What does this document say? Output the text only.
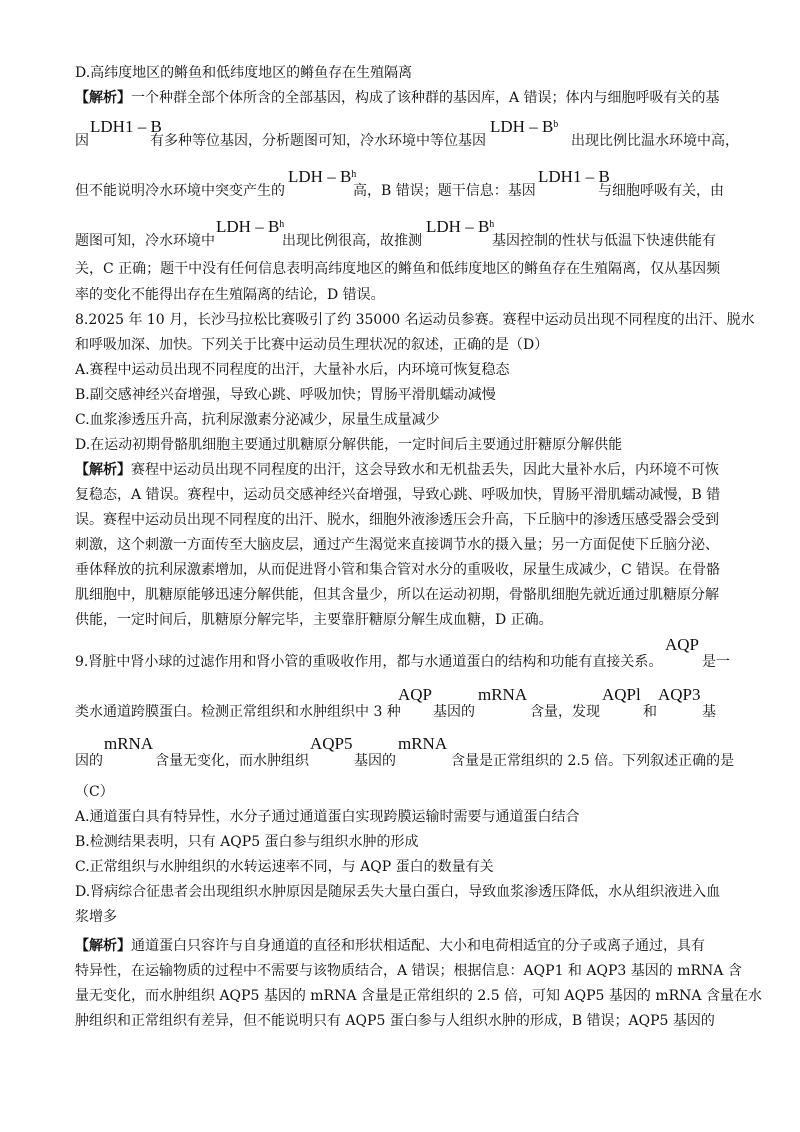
D.高纬度地区的鳉鱼和低纬度地区的鳉鱼存在生殖隔离
【解析】一个种群全部个体所含的全部基因，构成了该种群的基因库，A 错误；体内与细胞呼吸有关的基
因
LDH1 – B
有多种等位基因，分析题图可知，冷水环境中等位基因
LDH – $B^b$
出现比例比温水环境中高，
但不能说明冷水环境中突变产生的
LDH – $B^h$
高，B 错误；题干信息：基因
LDH1 – B
与细胞呼吸有关，由
题图可知，冷水环境中
LDH – $B^h$
出现比例很高，故推测
LDH – $B^h$
基因控制的性状与低温下快速供能有
关，C 正确；题干中没有任何信息表明高纬度地区的鳉鱼和低纬度地区的鳉鱼存在生殖隔离，仅从基因频
率的变化不能得出存在生殖隔离的结论，D 错误。
8.2025 年 10 月，长沙马拉松比赛吸引了约 35000 名运动员参赛。赛程中运动员出现不同程度的出汗、脱水
和呼吸加深、加快。下列关于比赛中运动员生理状况的叙述，正确的是（D）
A.赛程中运动员出现不同程度的出汗，大量补水后，内环境可恢复稳态
B.副交感神经兴奋增强，导致心跳、呼吸加快；胃肠平滑肌蠕动减慢
C.血浆渗透压升高，抗利尿激素分泌减少，尿量生成量减少
D.在运动初期骨骼肌细胞主要通过肌糖原分解供能，一定时间后主要通过肝糖原分解供能
【解析】赛程中运动员出现不同程度的出汗，这会导致水和无机盐丢失，因此大量补水后，内环境不可恢
复稳态，A 错误。赛程中，运动员交感神经兴奋增强，导致心跳、呼吸加快，胃肠平滑肌蠕动减慢，B 错
误。赛程中运动员出现不同程度的出汗、脱水，细胞外液渗透压会升高，下丘脑中的渗透压感受器会受到
刺激，这个刺激一方面传至大脑皮层，通过产生渴觉来直接调节水的摄入量；另一方面促使下丘脑分泌、
垂体释放的抗利尿激素增加，从而促进肾小管和集合管对水分的重吸收，尿量生成减少，C 错误。在骨骼
肌细胞中，肌糖原能够迅速分解供能，但其含量少，所以在运动初期，骨骼肌细胞先就近通过肌糖原分解
供能，一定时间后，肌糖原分解完毕，主要靠肝糖原分解生成血糖，D 正确。
9.肾脏中肾小球的过滤作用和肾小管的重吸收作用，都与水通道蛋白的结构和功能有直接关系。
AQP
是一
类水通道跨膜蛋白。检测正常组织和水肿组织中 3 种
AQP
基因的
mRNA
含量，发现
AQPl
和
AQP3
基
因的
mRNA
含量无变化，而水肿组织
AQP5
基因的
mRNA
含量是正常组织的 2.5 倍。下列叙述正确的是
（C）
A.通道蛋白具有特异性，水分子通过通道蛋白实现跨膜运输时需要与通道蛋白结合
B.检测结果表明，只有 AQP5 蛋白参与组织水肿的形成
C.正常组织与水肿组织的水转运速率不同，与 AQP 蛋白的数量有关
D.肾病综合征患者会出现组织水肿原因是随尿丢失大量白蛋白，导致血浆渗透压降低，水从组织液进入血
浆增多
【解析】通道蛋白只容许与自身通道的直径和形状相适配、大小和电荷相适宜的分子或离子通过，具有
特异性，在运输物质的过程中不需要与该物质结合，A 错误；根据信息：AQP1 和 AQP3 基因的 mRNA 含
量无变化，而水肿组织 AQP5 基因的 mRNA 含量是正常组织的 2.5 倍，可知 AQP5 基因的 mRNA 含量在水
肿组织和正常组织有差异，但不能说明只有 AQP5 蛋白参与人组织水肿的形成，B 错误；AQP5 基因的
